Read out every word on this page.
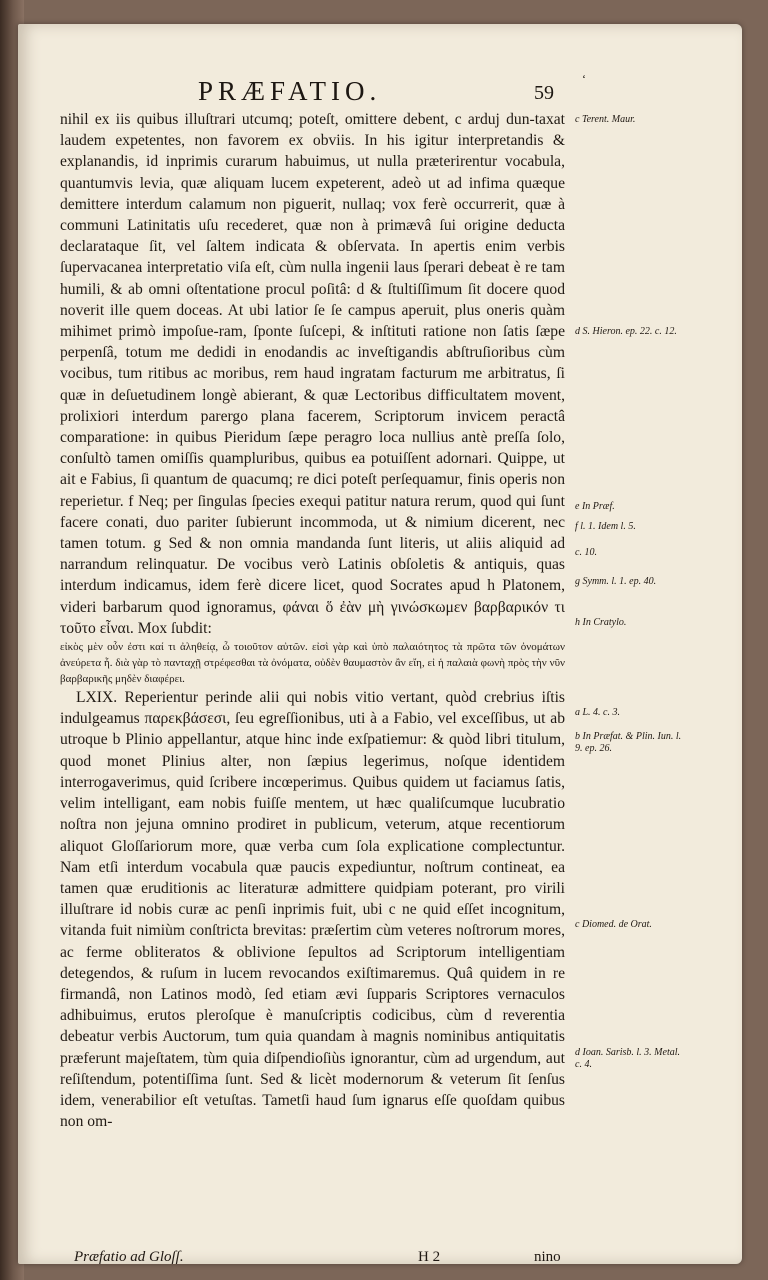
PRÆFATIO.	59
‘

nihil ex iis quibus illuſtrari utcumq; poteſt, omittere debent, c arduj dun-taxat laudem expetentes, non favorem ex obviis. In his igitur interpretandis & explanandis, id inprimis curarum habuimus, ut nulla præterirentur vocabula, quantumvis levia, quæ aliquam lucem expeterent, adeò ut ad infima quæque demittere interdum calamum non piguerit, nullaq; vox ferè occurrerit, quæ à communi Latinitatis uſu recederet, quæ non à primævâ ſui origine deducta declarataque ſit, vel ſaltem indicata & obſervata. In apertis enim verbis ſupervacanea interpretatio viſa eſt, cùm nulla ingenii laus ſperari debeat è re tam humili, & ab omni oſtentatione procul poſitâ: d & ſtultiſſimum ſit docere quod noverit ille quem doceas. At ubi latior ſe ſe campus aperuit, plus oneris quàm mihimet primò impoſue-ram, ſponte ſuſcepi, & inſtituti ratione non ſatis ſæpe perpenſâ, totum me dedidi in enodandis ac inveſtigandis abſtruſioribus cùm vocibus, tum ritibus ac moribus, rem haud ingratam facturum me arbitratus, ſi quæ in deſuetudinem longè abierant, & quæ Lectoribus difficultatem movent, prolixiori interdum parergo plana facerem, Scriptorum invicem peractâ comparatione: in quibus Pieridum ſæpe peragro loca nullius antè preſſa ſolo, conſultò tamen omiſſis quampluribus, quibus ea potuiſſent adornari. Quippe, ut ait e Fabius, ſi quantum de quacumq; re dici poteſt perſequamur, finis operis non reperietur. f Neq; per ſingulas ſpecies exequi patitur natura rerum, quod qui ſunt facere conati, duo pariter ſubierunt incommoda, ut & nimium dicerent, nec tamen totum. g Sed & non omnia mandanda ſunt literis, ut aliis aliquid ad narrandum relinquatur. De vocibus verò Latinis obſoletis & antiquis, quas interdum indicamus, idem ferè dicere licet, quod Socrates apud h Platonem, videri barbarum quod ignoramus, φάναι ὅ ἐὰν μὴ γινώσκωμεν βαρβαρικόν τι τοῦτο εἶναι. Mox ſubdit:

εἰκὸς μὲν οὖν ἐστι καί τι ἀληθείᾳ, ὦ τοιοῦτον αὐτῶν. εἰσὶ γὰρ καὶ ὑπὸ παλαιότητος τὰ πρῶτα τῶν ὀνομάτων ἀνεύρετα ἦ. διὰ γὰρ τὸ πανταχῇ στρέφεσθαι τὰ ὀνόματα, οὐδὲν θαυμαστὸν ἂν εἴη, εἰ ἡ παλαιὰ φωνὴ πρὸς τὴν νῦν βαρβαρικῆς μηδὲν διαφέρει.

LXIX. Reperientur perinde alii qui nobis vitio vertant, quòd crebrius iſtis indulgeamus παρεκβάσεσι, ſeu egreſſionibus, uti à a Fabio, vel exceſſibus, ut ab utroque b Plinio appellantur, atque hinc inde exſpatiemur: & quòd libri titulum, quod monet Plinius alter, non ſæpius legerimus, noſque identidem interrogaverimus, quid ſcribere incœperimus. Quibus quidem ut faciamus ſatis, velim intelligant, eam nobis fuiſſe mentem, ut hæc qualiſcumque lucubratio noſtra non jejuna omnino prodiret in publicum, veterum, atque recentiorum aliquot Gloſſariorum more, quæ verba cum ſola explicatione complectuntur. Nam etſi interdum vocabula quæ paucis expediuntur, noſtrum contineat, ea tamen quæ eruditionis ac literaturæ admittere quidpiam poterant, pro virili illuſtrare id nobis curæ ac penſi inprimis fuit, ubi c ne quid eſſet incognitum, vitanda fuit nimiùm conſtricta brevitas: præſertim cùm veteres noſtrorum mores, ac ferme obliteratos & oblivione ſepultos ad Scriptorum intelligentiam detegendos, & ruſum in lucem revocandos exiſtimaremus. Quâ quidem in re firmandâ, non Latinos modò, ſed etiam ævi ſupparis Scriptores vernaculos adhibuimus, erutos pleroſque è manuſcriptis codicibus, cùm d reverentia debeatur verbis Auctorum, tum quia quandam à magnis nominibus antiquitatis præferunt majeſtatem, tùm quia diſpendioſiùs ignorantur, cùm ad urgendum, aut reſiſtendum, potentiſſima ſunt. Sed & licèt modernorum & veterum ſit ſenſus idem, venerabilior eſt vetuſtas. Tametſi haud ſum ignarus eſſe quoſdam quibus non om-

c Terent. Maur.
d S. Hieron. ep. 22. c. 12.
e In Præf.
f l. 1. Idem l. 5.
c. 10.
g Symm. l. 1. ep. 40.
h In Cratylo.
a L. 4. c. 3.
b In Præfat. & Plin. Iun. l. 9. ep. 26.
c Diomed. de Orat.
d Ioan. Sarisb. l. 3. Metal. c. 4.
Præfatio ad Gloſſ.	H 2	nino
